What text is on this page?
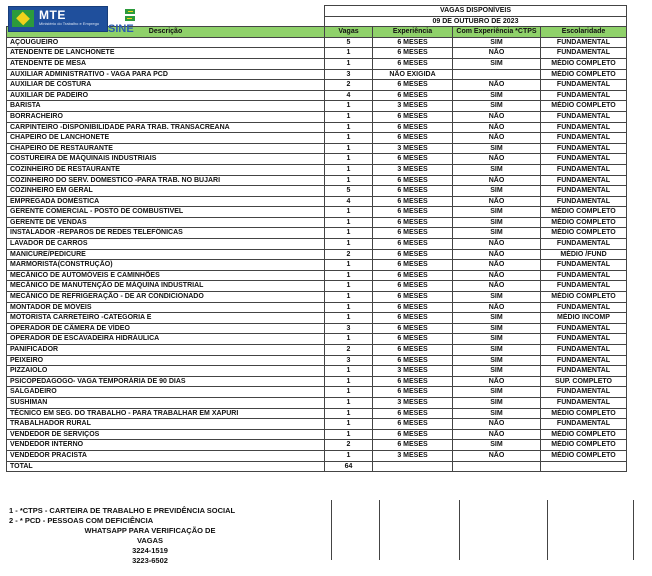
	VAGAS DISPONÍVEIS			
	09 DE OUTUBRO DE 2023			
Descrição	Vagas	Experiência	Com Experiência *CTPS	Escolaridade
AÇOUGUEIRO	5	6 MESES	SIM	FUNDAMENTAL
ATENDENTE DE LANCHONETE	1	6 MESES	NÃO	FUNDAMENTAL
ATENDENTE DE MESA	1	6 MESES	SIM	MÉDIO COMPLETO
AUXILIAR ADMINISTRATIVO - VAGA PARA PCD	3	NÃO EXIGIDA		MÉDIO COMPLETO
AUXILIAR DE COSTURA	2	6 MESES	NÃO	FUNDAMENTAL
AUXILIAR DE PADEIRO	4	6 MESES	SIM	FUNDAMENTAL
BARISTA	1	3 MESES	SIM	MÉDIO COMPLETO
BORRACHEIRO	1	6 MESES	NÃO	FUNDAMENTAL
CARPINTEIRO -DISPONIBILIDADE PARA TRAB. TRANSACREANA	1	6 MESES	NÃO	FUNDAMENTAL
CHAPEIRO DE LANCHONETE	1	6 MESES	NÃO	FUNDAMENTAL
CHAPEIRO DE RESTAURANTE	1	3 MESES	SIM	FUNDAMENTAL
COSTUREIRA DE MÁQUINAIS INDUSTRIAIS	1	6 MESES	NÃO	FUNDAMENTAL
COZINHEIRO DE RESTAURANTE	1	3 MESES	SIM	FUNDAMENTAL
COZINHEIRO DO SERV. DOMESTICO -PARA TRAB. NO BUJARI	1	6 MESES	NÃO	FUNDAMENTAL
COZINHEIRO EM GERAL	5	6 MESES	SIM	FUNDAMENTAL
EMPREGADA DOMÉSTICA	4	6 MESES	NÃO	FUNDAMENTAL
GERENTE COMERCIAL - POSTO DE COMBUSTIVEL	1	6 MESES	SIM	MÉDIO COMPLETO
GERENTE DE VENDAS	1	6 MESES	SIM	MÉDIO COMPLETO
INSTALADOR -REPAROS DE REDES TELEFÔNICAS	1	6 MESES	SIM	MÉDIO COMPLETO
LAVADOR DE CARROS	1	6 MESES	NÃO	FUNDAMENTAL
MANICURE/PEDICURE	2	6 MESES	NÃO	MÉDIO /FUND
MARMORISTA(CONSTRUÇÃO)	1	6 MESES	NÃO	FUNDAMENTAL
MECÂNICO DE AUTOMÓVEIS E CAMINHÕES	1	6 MESES	NÃO	FUNDAMENTAL
MECÂNICO DE MANUTENÇÃO DE MÁQUINA INDUSTRIAL	1	6 MESES	NÃO	FUNDAMENTAL
MECÂNICO DE REFRIGERAÇÃO - DE AR CONDICIONADO	1	6 MESES	SIM	MÉDIO COMPLETO
MONTADOR DE MÓVEIS	1	6 MESES	NÃO	FUNDAMENTAL
MOTORISTA CARRETEIRO -CATEGORIA E	1	6 MESES	SIM	MÉDIO INCOMP
OPERADOR DE CÂMERA DE VÍDEO	3	6 MESES	SIM	FUNDAMENTAL
OPERADOR DE ESCAVADEIRA HIDRÁULICA	1	6 MESES	SIM	FUNDAMENTAL
PANIFICADOR	2	6 MESES	SIM	FUNDAMENTAL
PEIXEIRO	3	6 MESES	SIM	FUNDAMENTAL
PIZZAIOLO	1	3 MESES	SIM	FUNDAMENTAL
PSICOPEDAGOGO- VAGA TEMPORÁRIA DE 90 DIAS	1	6 MESES	NÃO	SUP. COMPLETO
SALGADEIRO	1	6 MESES	SIM	FUNDAMENTAL
SUSHIMAN	1	3 MESES	SIM	FUNDAMENTAL
TÉCNICO EM SEG. DO TRABALHO - PARA TRABALHAR EM XAPURI	1	6 MESES	SIM	MÉDIO COMPLETO
TRABALHADOR RURAL	1	6 MESES	NÃO	FUNDAMENTAL
VENDEDOR DE SERVIÇOS	1	6 MESES	NÃO	MÉDIO COMPLETO
VENDEDOR INTERNO	2	6 MESES	SIM	MÉDIO COMPLETO
VENDEDOR PRACISTA	1	3 MESES	NÃO	MÉDIO COMPLETO
TOTAL	64			
MTE
Ministério do Trabalho e Emprego SINE
1 - *CTPS - CARTEIRA DE TRABALHO E PREVIDÊNCIA SOCIAL
2 - * PCD - PESSOAS COM DEFICIÊNCIA
WHATSAPP PARA VERIFICAÇÃO DE VAGAS
3224-1519
3223-6502
